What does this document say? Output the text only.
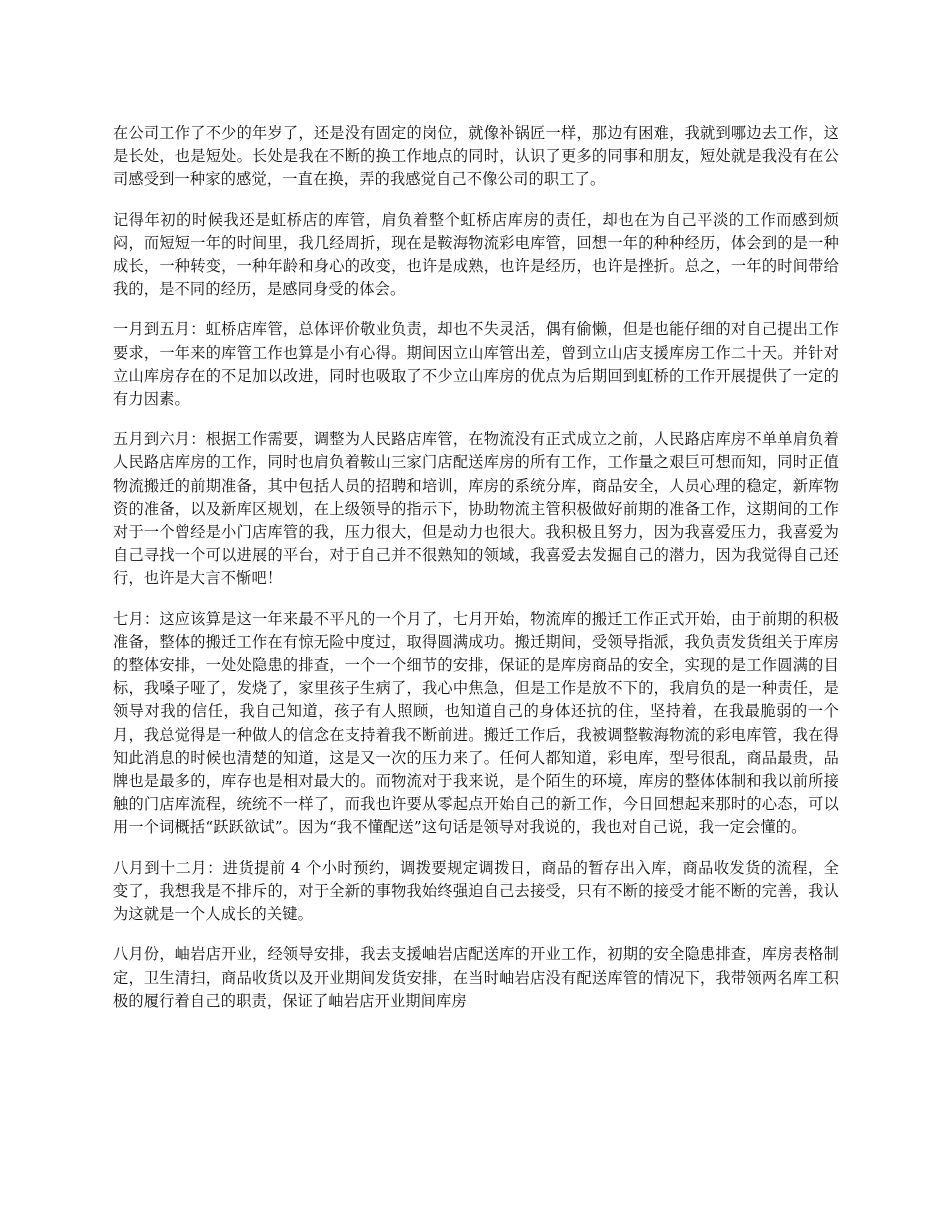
在公司工作了不少的年岁了，还是没有固定的岗位，就像补锅匠一样，那边有困难，我就到哪边去工作，这是长处，也是短处。长处是我在不断的换工作地点的同时，认识了更多的同事和朋友，短处就是我没有在公司感受到一种家的感觉，一直在换，弄的我感觉自己不像公司的职工了。

记得年初的时候我还是虹桥店的库管，肩负着整个虹桥店库房的责任，却也在为自己平淡的工作而感到烦闷，而短短一年的时间里，我几经周折，现在是鞍海物流彩电库管，回想一年的种种经历，体会到的是一种成长，一种转变，一种年龄和身心的改变，也许是成熟，也许是经历，也许是挫折。总之，一年的时间带给我的，是不同的经历，是感同身受的体会。

一月到五月：虹桥店库管，总体评价敬业负责，却也不失灵活，偶有偷懒，但是也能仔细的对自己提出工作要求，一年来的库管工作也算是小有心得。期间因立山库管出差，曾到立山店支援库房工作二十天。并针对立山库房存在的不足加以改进，同时也吸取了不少立山库房的优点为后期回到虹桥的工作开展提供了一定的有力因素。

五月到六月：根据工作需要，调整为人民路店库管，在物流没有正式成立之前，人民路店库房不单单肩负着人民路店库房的工作，同时也肩负着鞍山三家门店配送库房的所有工作，工作量之艰巨可想而知，同时正值物流搬迁的前期准备，其中包括人员的招聘和培训，库房的系统分库，商品安全，人员心理的稳定，新库物资的准备，以及新库区规划，在上级领导的指示下，协助物流主管积极做好前期的准备工作，这期间的工作对于一个曾经是小门店库管的我，压力很大，但是动力也很大。我积极且努力，因为我喜爱压力，我喜爱为自己寻找一个可以进展的平台，对于自己并不很熟知的领域，我喜爱去发掘自己的潜力，因为我觉得自己还行，也许是大言不惭吧！

七月：这应该算是这一年来最不平凡的一个月了，七月开始，物流库的搬迁工作正式开始，由于前期的积极准备，整体的搬迁工作在有惊无险中度过，取得圆满成功。搬迁期间，受领导指派，我负责发货组关于库房的整体安排，一处处隐患的排查，一个一个细节的安排，保证的是库房商品的安全，实现的是工作圆满的目标，我嗓子哑了，发烧了，家里孩子生病了，我心中焦急，但是工作是放不下的，我肩负的是一种责任，是领导对我的信任，我自己知道，孩子有人照顾，也知道自己的身体还抗的住，坚持着，在我最脆弱的一个月，我总觉得是一种做人的信念在支持着我不断前进。搬迁工作后，我被调整鞍海物流的彩电库管，我在得知此消息的时候也清楚的知道，这是又一次的压力来了。任何人都知道，彩电库，型号很乱，商品最贵，品牌也是最多的，库存也是相对最大的。而物流对于我来说，是个陌生的环境，库房的整体体制和我以前所接触的门店库流程，统统不一样了，而我也许要从零起点开始自己的新工作，今日回想起来那时的心态，可以用一个词概括“跃跃欲试”。因为“我不懂配送”这句话是领导对我说的，我也对自己说，我一定会懂的。

八月到十二月：进货提前 4 个小时预约，调拨要规定调拨日，商品的暂存出入库，商品收发货的流程，全变了，我想我是不排斥的，对于全新的事物我始终强迫自己去接受，只有不断的接受才能不断的完善，我认为这就是一个人成长的关键。

八月份，岫岩店开业，经领导安排，我去支援岫岩店配送库的开业工作，初期的安全隐患排查，库房表格制定，卫生清扫，商品收货以及开业期间发货安排，在当时岫岩店没有配送库管的情况下，我带领两名库工积极的履行着自己的职责，保证了岫岩店开业期间库房
